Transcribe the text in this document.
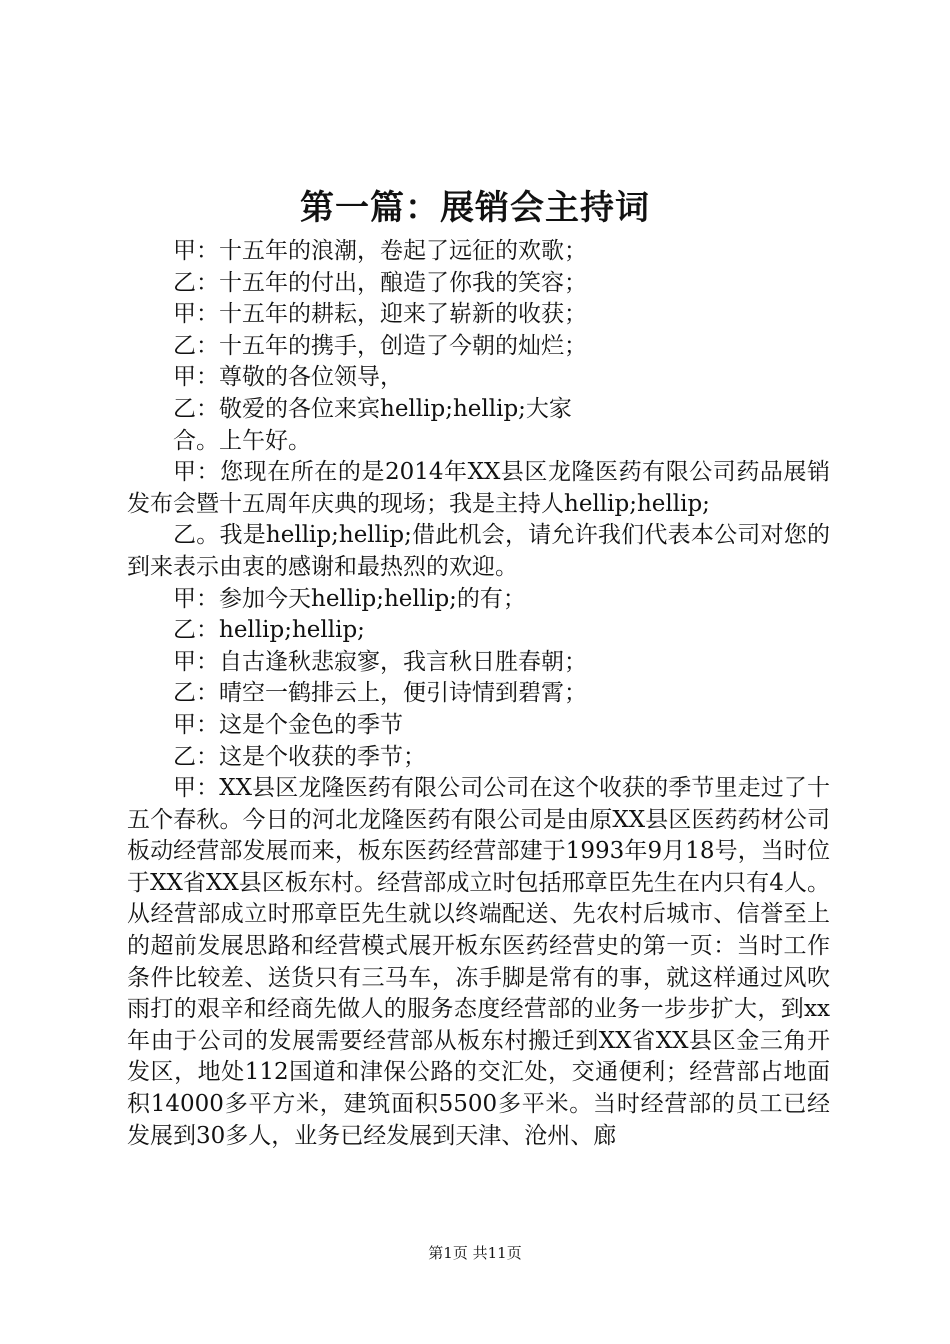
第一篇：展销会主持词

甲：十五年的浪潮，卷起了远征的欢歌；

乙：十五年的付出，酿造了你我的笑容；

甲：十五年的耕耘，迎来了崭新的收获；

乙：十五年的携手，创造了今朝的灿烂；

甲：尊敬的各位领导，

乙：敬爱的各位来宾hellip;hellip;大家

合。上午好。

甲：您现在所在的是2014年XX县区龙隆医药有限公司药品展销发布会暨十五周年庆典的现场；我是主持人hellip;hellip;

乙。我是hellip;hellip;借此机会，请允许我们代表本公司对您的到来表示由衷的感谢和最热烈的欢迎。

甲：参加今天hellip;hellip;的有；

乙：hellip;hellip;

甲：自古逢秋悲寂寥，我言秋日胜春朝；

乙：晴空一鹤排云上，便引诗情到碧霄；

甲：这是个金色的季节

乙：这是个收获的季节；

甲：XX县区龙隆医药有限公司公司在这个收获的季节里走过了十五个春秋。今日的河北龙隆医药有限公司是由原XX县区医药药材公司板动经营部发展而来，板东医药经营部建于1993年9月18号，当时位于XX省XX县区板东村。经营部成立时包括邢章臣先生在内只有4人。从经营部成立时邢章臣先生就以终端配送、先农村后城市、信誉至上的超前发展思路和经营模式展开板东医药经营史的第一页：当时工作条件比较差、送货只有三马车，冻手脚是常有的事，就这样通过风吹雨打的艰辛和经商先做人的服务态度经营部的业务一步步扩大，到xx年由于公司的发展需要经营部从板东村搬迁到XX省XX县区金三角开发区，地处112国道和津保公路的交汇处，交通便利；经营部占地面积14000多平方米，建筑面积5500多平米。当时经营部的员工已经发展到30多人，业务已经发展到天津、沧州、廊

第1页 共11页
